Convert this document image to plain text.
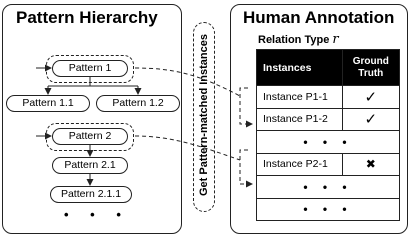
Pattern Hierarchy
Pattern 1
Pattern 1.1	Pattern 1.2
Pattern 2
Pattern 2.1
Pattern 2.1.1
• • •
Get Pattern-matched Instances
Human Annotation
Relation Type r
Instances	Ground Truth
Instance P1-1	✓
Instance P1-2	✓
• • •	
Instance P2-1	✖
• • •	
• • •	
